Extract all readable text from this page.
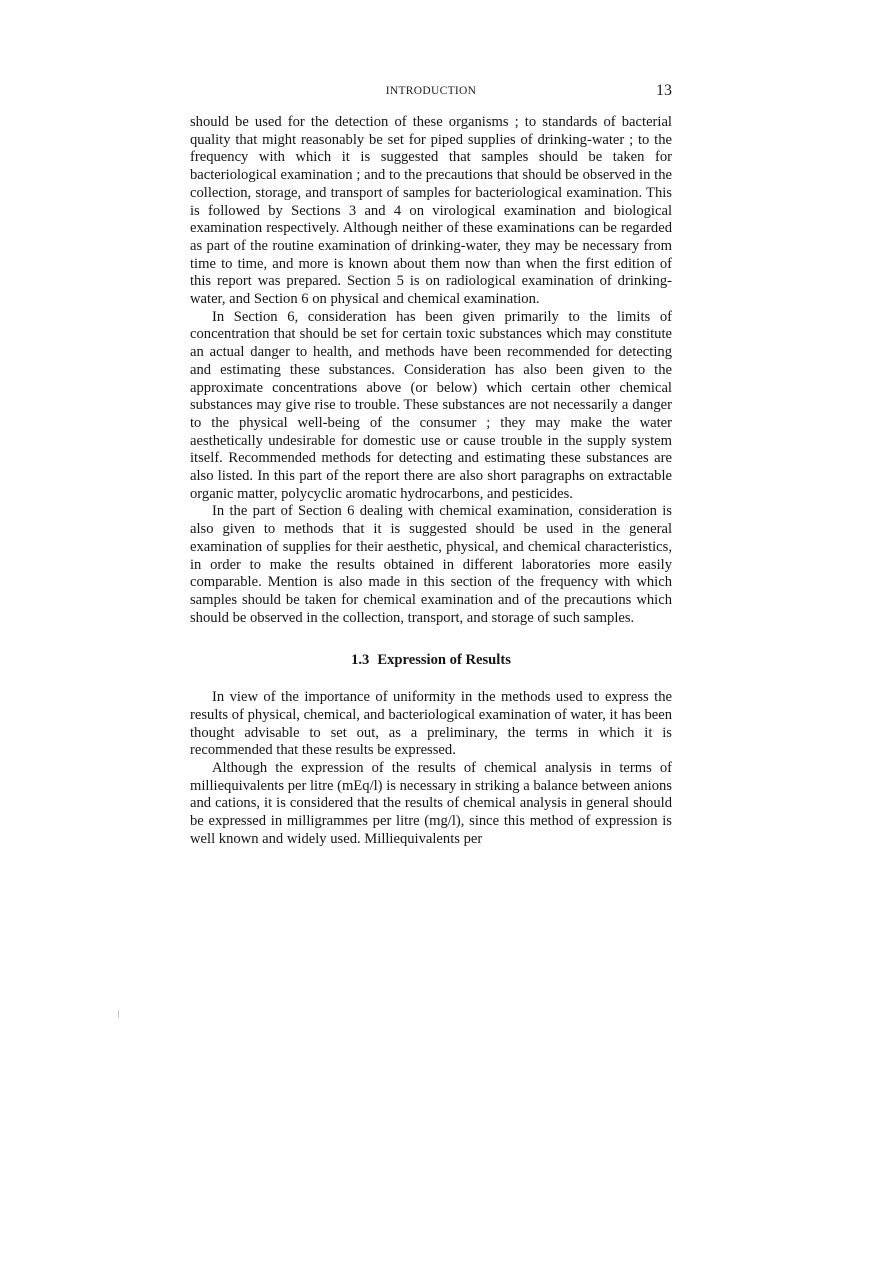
INTRODUCTION	13

should be used for the detection of these organisms ; to standards of bacterial quality that might reasonably be set for piped supplies of drinking-water ; to the frequency with which it is suggested that samples should be taken for bacteriological examination ; and to the precautions that should be observed in the collection, storage, and transport of samples for bacteriological examination. This is followed by Sections 3 and 4 on virological examination and biological examination respectively. Although neither of these examinations can be regarded as part of the routine examination of drinking-water, they may be necessary from time to time, and more is known about them now than when the first edition of this report was prepared. Section 5 is on radiological examination of drinking-water, and Section 6 on physical and chemical examination.

In Section 6, consideration has been given primarily to the limits of concentration that should be set for certain toxic substances which may constitute an actual danger to health, and methods have been recommended for detecting and estimating these substances. Consideration has also been given to the approximate concentrations above (or below) which certain other chemical substances may give rise to trouble. These substances are not necessarily a danger to the physical well-being of the consumer ; they may make the water aesthetically undesirable for domestic use or cause trouble in the supply system itself. Recommended methods for detecting and estimating these substances are also listed. In this part of the report there are also short paragraphs on extractable organic matter, polycyclic aromatic hydrocarbons, and pesticides.

In the part of Section 6 dealing with chemical examination, consideration is also given to methods that it is suggested should be used in the general examination of supplies for their aesthetic, physical, and chemical characteristics, in order to make the results obtained in different laboratories more easily comparable. Mention is also made in this section of the frequency with which samples should be taken for chemical examination and of the precautions which should be observed in the collection, transport, and storage of such samples.

1.3 Expression of Results

In view of the importance of uniformity in the methods used to express the results of physical, chemical, and bacteriological examination of water, it has been thought advisable to set out, as a preliminary, the terms in which it is recommended that these results be expressed.

Although the expression of the results of chemical analysis in terms of milliequivalents per litre (mEq/l) is necessary in striking a balance between anions and cations, it is considered that the results of chemical analysis in general should be expressed in milligrammes per litre (mg/l), since this method of expression is well known and widely used. Milliequivalents per
